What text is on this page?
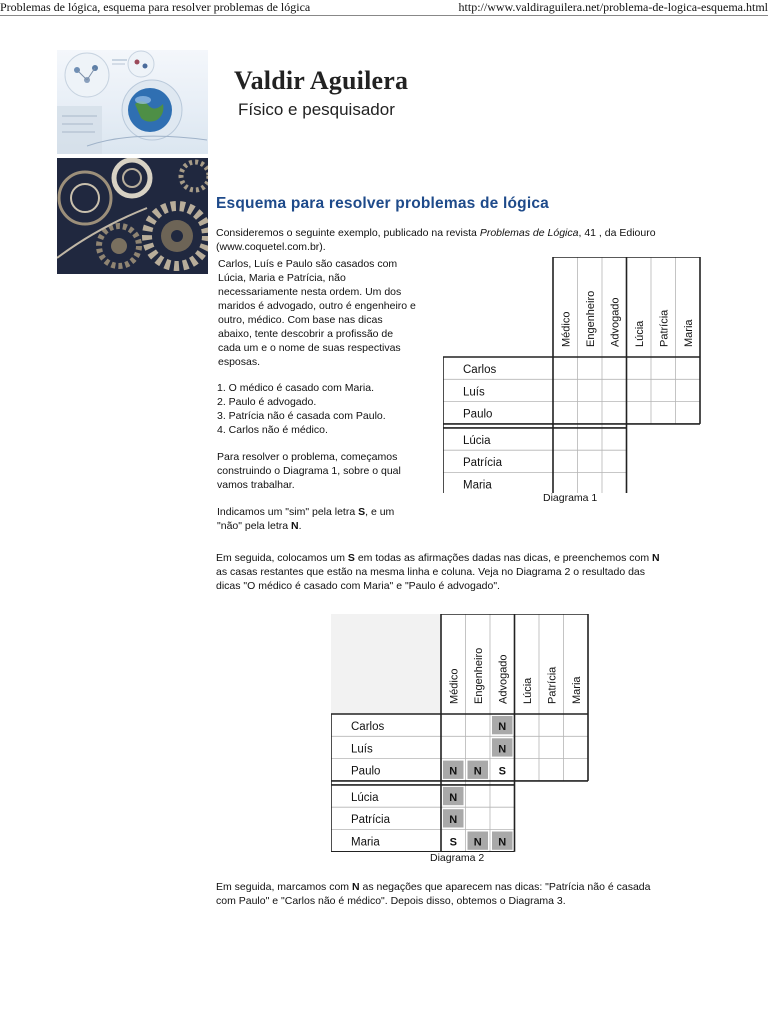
Problemas de lógica, esquema para resolver problemas de lógica	http://www.valdiraguilera.net/problema-de-logica-esquema.html
Valdir Aguilera
Físico e pesquisador
Esquema para resolver problemas de lógica
Consideremos o seguinte exemplo, publicado na revista Problemas de Lógica, 41 , da Ediouro
(www.coquetel.com.br).
Carlos, Luís e Paulo são casados com
Lúcia, Maria e Patrícia, não
necessariamente nesta ordem. Um dos
maridos é advogado, outro é engenheiro e
outro, médico. Com base nas dicas
abaixo, tente descobrir a profissão de
cada um e o nome de suas respectivas
esposas.
1. O médico é casado com Maria.
2. Paulo é advogado.
3. Patrícia não é casada com Paulo.
4. Carlos não é médico.
Para resolver o problema, começamos
construindo o Diagrama 1, sobre o qual
vamos trabalhar.
Indicamos um "sim" pela letra S, e um
"não" pela letra N.
Médico Engenheiro Advogado Lúcia Patrícia Maria
Carlos
Luís
Paulo
Lúcia
Patrícia
Maria
Diagrama 1
Em seguida, colocamos um S em todas as afirmações dadas nas dicas, e preenchemos com N
as casas restantes que estão na mesma linha e coluna. Veja no Diagrama 2 o resultado das
dicas "O médico é casado com Maria" e "Paulo é advogado".
Médico Engenheiro Advogado Lúcia Patrícia Maria
Carlos
Luís
Paulo
Lúcia
Patrícia
Maria
N
N
N N S
N
N
S N N
Diagrama 2
Em seguida, marcamos com N as negações que aparecem nas dicas: "Patrícia não é casada
com Paulo" e "Carlos não é médico". Depois disso, obtemos o Diagrama 3.
